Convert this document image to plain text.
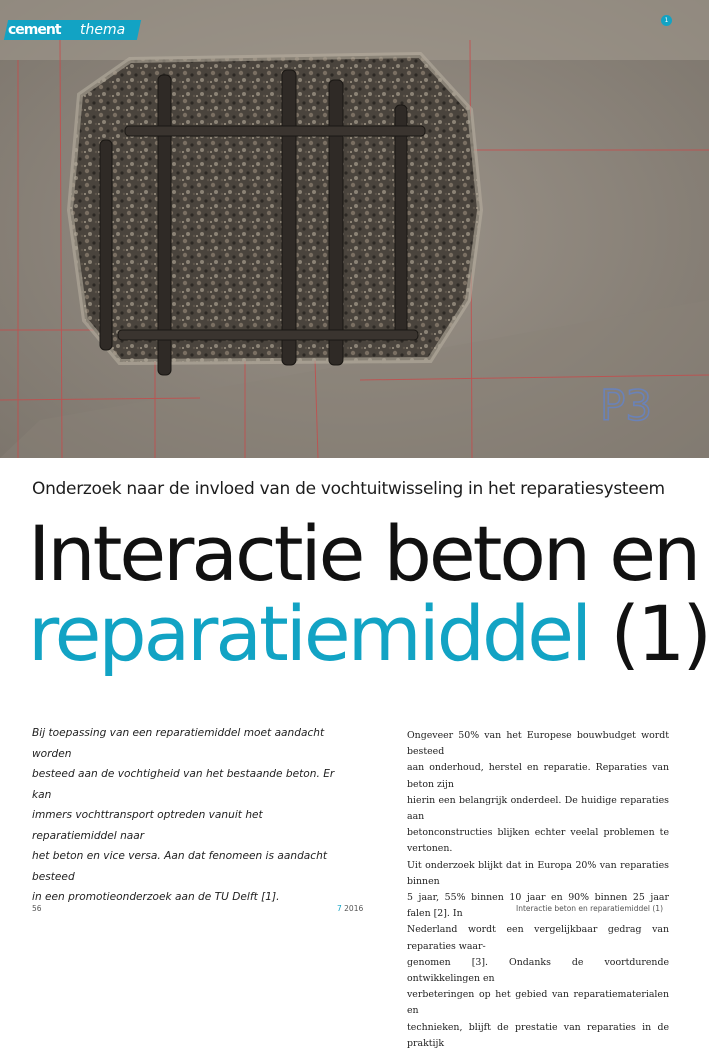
P3
cement thema
1
Onderzoek naar de invloed van de vochtuitwisseling in het reparatiesysteem
Interactie beton en
reparatiemiddel (1)

Bij toepassing van een reparatiemiddel moet aandacht worden

besteed aan de vochtigheid van het bestaande beton. Er kan

immers vochttransport optreden vanuit het reparatiemiddel naar

het beton en vice versa. Aan dat fenomeen is aandacht besteed

in een promotieonderzoek aan de TU Delft [1].

Ongeveer 50% van het Europese bouwbudget wordt besteed

aan onderhoud, herstel en reparatie. Reparaties van beton zijn

hierin een belangrijk onderdeel. De huidige reparaties aan

betonconstructies blijken echter veelal problemen te vertonen.

Uit onderzoek blijkt dat in Europa 20% van reparaties binnen

5 jaar, 55% binnen 10 jaar en 90% binnen 25 jaar falen [2]. In

Nederland wordt een vergelijkbaar gedrag van reparaties waar-

genomen [3]. Ondanks de voortdurende ontwikkelingen en

verbeteringen op het gebied van reparatiematerialen en

technieken, blijft de prestatie van reparaties in de praktijk

56	7 2016	Interactie beton en reparatiemiddel (1)
